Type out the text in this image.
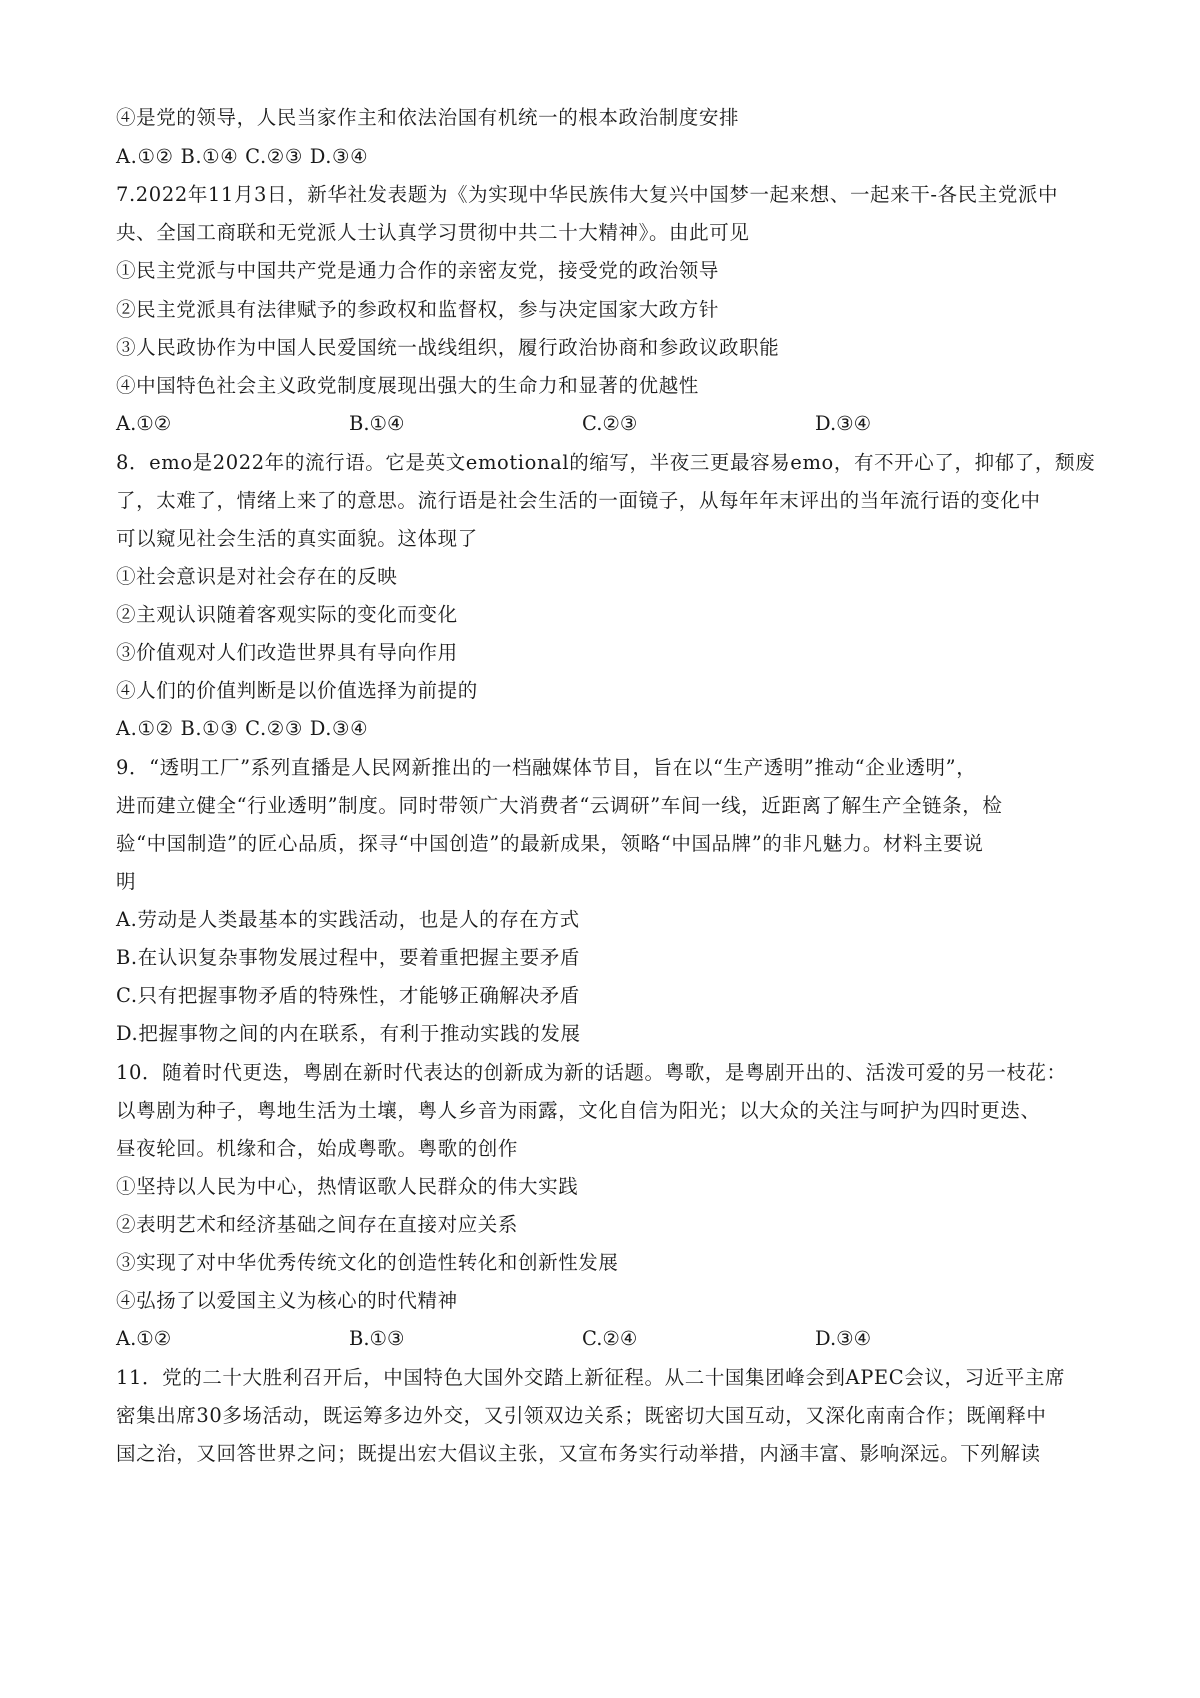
④是党的领导，人民当家作主和依法治国有机统一的根本政治制度安排
A.①② B.①④ C.②③ D.③④
7.2022年11月3日，新华社发表题为《为实现中华民族伟大复兴中国梦一起来想、一起来干-各民主党派中
央、全国工商联和无党派人士认真学习贯彻中共二十大精神》。由此可见
①民主党派与中国共产党是通力合作的亲密友党，接受党的政治领导
②民主党派具有法律赋予的参政权和监督权，参与决定国家大政方针
③人民政协作为中国人民爱国统一战线组织，履行政治协商和参政议政职能
④中国特色社会主义政党制度展现出强大的生命力和显著的优越性
A.①②	B.①④	C.②③	D.③④
8．emo是2022年的流行语。它是英文emotional的缩写，半夜三更最容易emo，有不开心了，抑郁了，颓废
了，太难了，情绪上来了的意思。流行语是社会生活的一面镜子，从每年年末评出的当年流行语的变化中
可以窥见社会生活的真实面貌。这体现了
①社会意识是对社会存在的反映
②主观认识随着客观实际的变化而变化
③价值观对人们改造世界具有导向作用
④人们的价值判断是以价值选择为前提的
A.①② B.①③ C.②③ D.③④
9．“透明工厂”系列直播是人民网新推出的一档融媒体节目，旨在以“生产透明”推动“企业透明”，
进而建立健全“行业透明”制度。同时带领广大消费者“云调研”车间一线，近距离了解生产全链条，检
验“中国制造”的匠心品质，探寻“中国创造”的最新成果，领略“中国品牌”的非凡魅力。材料主要说
明
A.劳动是人类最基本的实践活动，也是人的存在方式
B.在认识复杂事物发展过程中，要着重把握主要矛盾
C.只有把握事物矛盾的特殊性，才能够正确解决矛盾
D.把握事物之间的内在联系，有利于推动实践的发展
10．随着时代更迭，粤剧在新时代表达的创新成为新的话题。粤歌，是粤剧开出的、活泼可爱的另一枝花：
以粤剧为种子，粤地生活为土壤，粤人乡音为雨露，文化自信为阳光；以大众的关注与呵护为四时更迭、
昼夜轮回。机缘和合，始成粤歌。粤歌的创作
①坚持以人民为中心，热情讴歌人民群众的伟大实践
②表明艺术和经济基础之间存在直接对应关系
③实现了对中华优秀传统文化的创造性转化和创新性发展
④弘扬了以爱国主义为核心的时代精神
A.①②	B.①③	C.②④	D.③④
11．党的二十大胜利召开后，中国特色大国外交踏上新征程。从二十国集团峰会到APEC会议，习近平主席
密集出席30多场活动，既运筹多边外交，又引领双边关系；既密切大国互动，又深化南南合作；既阐释中
国之治，又回答世界之问；既提出宏大倡议主张，又宣布务实行动举措，内涵丰富、影响深远。下列解读
